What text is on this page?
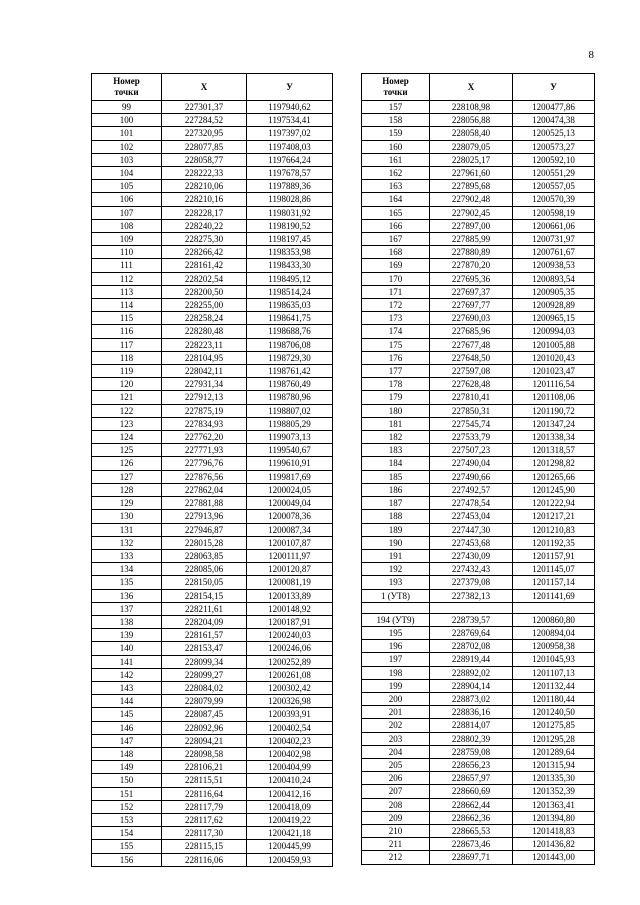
8
Номер
точки	X	У
99	227301,37	1197940,62
100	227284,52	1197534,41
101	227320,95	1197397,02
102	228077,85	1197408,03
103	228058,77	1197664,24
104	228222,33	1197678,57
105	228210,06	1197889,36
106	228210,16	1198028,86
107	228228,17	1198031,92
108	228240,22	1198190,52
109	228275,30	1198197,45
110	228266,42	1198353,98
111	228161,42	1198433,30
112	228202,54	1198495,12
113	228200,50	1198514,24
114	228255,00	1198635,03
115	228258,24	1198641,75
116	228280,48	1198688,76
117	228223,11	1198706,08
118	228104,95	1198729,30
119	228042,11	1198761,42
120	227931,34	1198760,49
121	227912,13	1198780,96
122	227875,19	1198807,02
123	227834,93	1198805,29
124	227762,20	1199073,13
125	227771,93	1199540,67
126	227796,76	1199610,91
127	227876,56	1199817,69
128	227862,04	1200024,05
129	227881,88	1200049,04
130	227913,96	1200078,36
131	227946,87	1200087,34
132	228015,28	1200107,87
133	228063,85	1200111,97
134	228085,06	1200120,87
135	228150,05	1200081,19
136	228154,15	1200133,89
137	228211,61	1200148,92
138	228204,09	1200187,91
139	228161,57	1200240,03
140	228153,47	1200246,06
141	228099,34	1200252,89
142	228099,27	1200261,08
143	228084,02	1200302,42
144	228079,99	1200326,98
145	228087,45	1200393,91
146	228092,96	1200402,54
147	228094,21	1200402,23
148	228098,58	1200402,98
149	228106,21	1200404,99
150	228115,51	1200410,24
151	228116,64	1200412,16
152	228117,79	1200418,09
153	228117,62	1200419,22
154	228117,30	1200421,18
155	228115,15	1200445,99
156	228116,06	1200459,93
Номер
точки	X	У
157	228108,98	1200477,86
158	228056,88	1200474,38
159	228058,40	1200525,13
160	228079,05	1200573,27
161	228025,17	1200592,10
162	227961,60	1200551,29
163	227895,68	1200557,05
164	227902,48	1200570,39
165	227902,45	1200598,19
166	227897,00	1200661,06
167	227885,99	1200731,97
168	227880,89	1200761,67
169	227870,20	1200938,53
170	227695,36	1200893,54
171	227697,37	1200905,35
172	227697,77	1200928,89
173	227690,03	1200965,15
174	227685,96	1200994,03
175	227677,48	1201005,88
176	227648,50	1201020,43
177	227597,08	1201023,47
178	227628,48	1201116,54
179	227810,41	1201108,06
180	227850,31	1201190,72
181	227545,74	1201347,24
182	227533,79	1201338,34
183	227507,23	1201318,57
184	227490,04	1201298,82
185	227490,66	1201265,66
186	227492,57	1201245,90
187	227478,54	1201222,94
188	227453,04	1201217,21
189	227447,30	1201210,83
190	227453,68	1201192,35
191	227430,09	1201157,91
192	227432,43	1201145,07
193	227379,08	1201157,14
1 (УТ8)	227382,13	1201141,69

194 (УТ9)	228739,57	1200860,80
195	228769,64	1200894,04
196	228702,08	1200958,38
197	228919,44	1201045,93
198	228892,02	1201107,13
199	228904,14	1201132,44
200	228873,02	1201180,44
201	228836,16	1201240,50
202	228814,07	1201275,85
203	228802,39	1201295,28
204	228759,08	1201289,64
205	228656,23	1201315,94
206	228657,97	1201335,30
207	228660,69	1201352,39
208	228662,44	1201363,41
209	228662,36	1201394,80
210	228665,53	1201418,83
211	228673,46	1201436,82
212	228697,71	1201443,00
